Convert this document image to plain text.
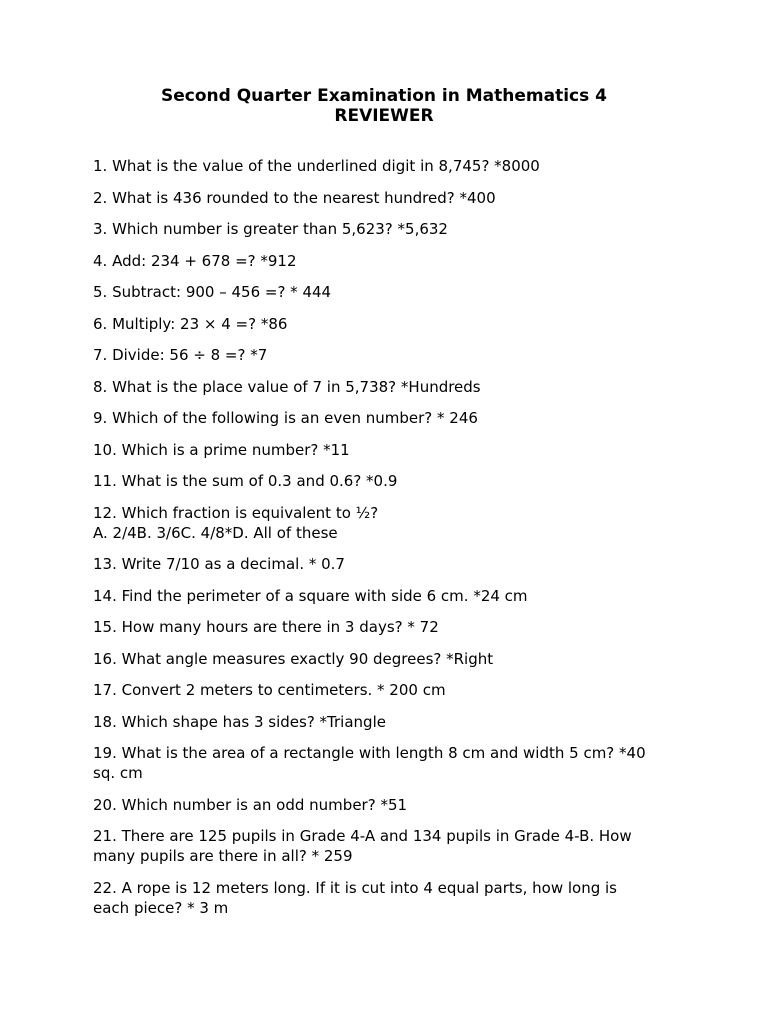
Second Quarter Examination in Mathematics 4
REVIEWER
1. What is the value of the underlined digit in 8,745? *8000
2. What is 436 rounded to the nearest hundred? *400
3. Which number is greater than 5,623? *5,632
4. Add: 234 + 678 =? *912
5. Subtract: 900 – 456 =? * 444
6. Multiply: 23 × 4 =? *86
7. Divide: 56 ÷ 8 =? *7
8. What is the place value of 7 in 5,738? *Hundreds
9. Which of the following is an even number? * 246
10. Which is a prime number? *11
11. What is the sum of 0.3 and 0.6? *0.9
12. Which fraction is equivalent to ½?
A. 2/4B. 3/6C. 4/8*D. All of these
13. Write 7/10 as a decimal. * 0.7
14. Find the perimeter of a square with side 6 cm. *24 cm
15. How many hours are there in 3 days? * 72
16. What angle measures exactly 90 degrees? *Right
17. Convert 2 meters to centimeters. * 200 cm
18. Which shape has 3 sides? *Triangle
19. What is the area of a rectangle with length 8 cm and width 5 cm? *40
sq. cm
20. Which number is an odd number? *51
21. There are 125 pupils in Grade 4-A and 134 pupils in Grade 4-B. How
many pupils are there in all? * 259
22. A rope is 12 meters long. If it is cut into 4 equal parts, how long is
each piece? * 3 m
